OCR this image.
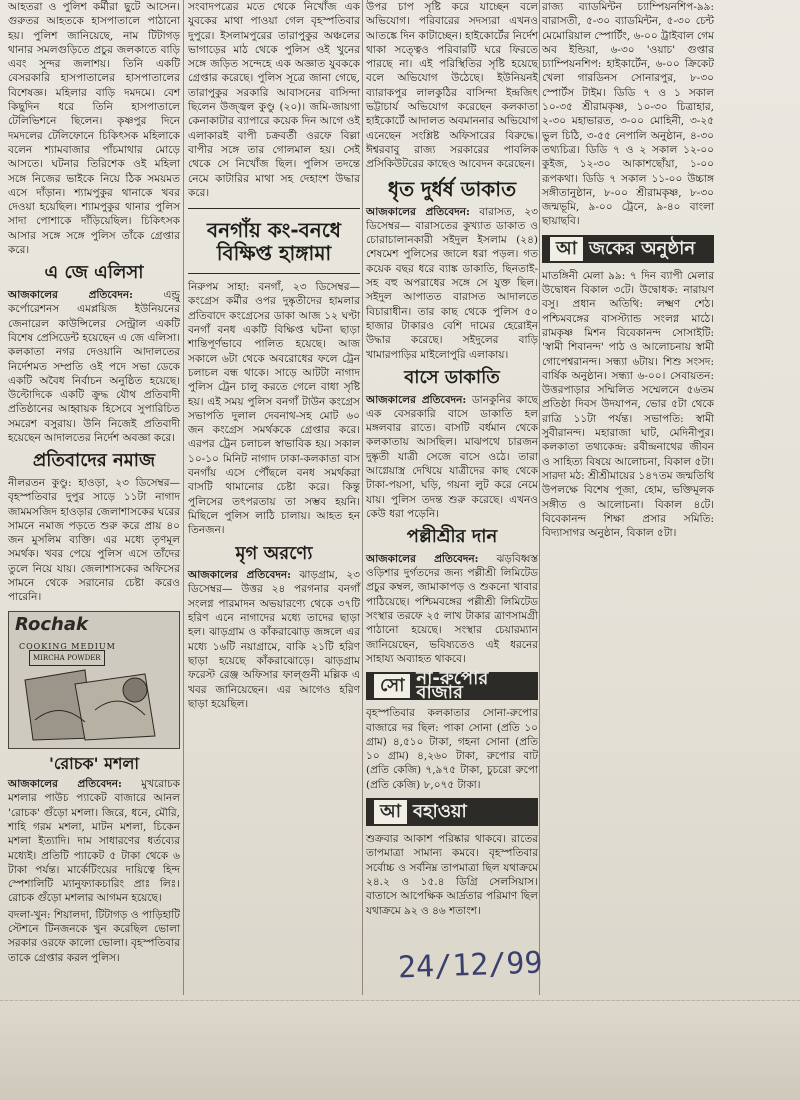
আহতরা ও পুলিশ কর্মীরা ছুটে আসেন। গুরুতর আহতকে হাসপাতালে পাঠানো হয়। পুলিশ জানিয়েছে, নাম টিটাগড় থানার সমলগুড়িতে প্রচুর জলকাতে বাড়ি এবং সুন্দর জলাশয়। তিনি একটি বেসরকারি হাসপাতালের হাসপাতালের বিশেষজ্ঞ। মহিলার বাড়ি দমদমে। বেশ কিছুদিন ধরে তিনি হাসপাতালে টেলিভিশনে ছিলেন। কৃষ্ণপুর দিনে দমদলের টেলিফোনে চিকিৎসক মহিলাকে বলেন শ্যামবাজার পাঁচমাথার মোড়ে আসতে। ঘটনার তিরিশেক ওই মহিলা সঙ্গে নিজের ভাইকে নিয়ে ঠিক সময়মত এসে দাঁড়ান। শ্যামপুকুর থানাকে খবর দেওয়া হয়েছিল। শ্যামপুকুর থানার পুলিস সাদা পোশাকে দাঁড়িয়েছিল। চিকিৎসক আসার সঙ্গে সঙ্গে পুলিস তাঁকে গ্রেপ্তার করে।

এ জে এলিসা

আজকালের প্রতিবেদন:	এন্ড্রু কর্পোরেশনস এমপ্লয়িজ ইউনিয়নের জেনারেল কাউন্সিলের সেন্ট্রাল একটি বিশেষ প্রেসিডেন্ট হয়েছেন এ জে এলিসা। কলকাতা নগর দেওয়ানি আদালতের নির্দেশমত সম্প্রতি ওই পদে সভা ডেকে একটি অবৈধ নির্বাচন অনুষ্ঠিত হয়েছে। উল্টোদিকে একটি ক্রুদ্ধ যৌথ প্রতিবাদী প্রতিষ্ঠানের আহ্বায়ক হিসেবে সুপারিচিত সমরেশ বসুরায়। উনি নিজেই প্রতিবাদী হয়েছেন আদালতের নির্দেশ অবজ্ঞা করে।

প্রতিবাদের নমাজ

নীলরতন কুণ্ডু: হাওড়া, ২৩ ডিসেম্বর— বৃহস্পতিবার দুপুর সাড়ে ১১টা নাগাদ জামমসজিদ হাওড়ার জেলাশাসকের ঘরের সামনে নমাজ পড়তে শুরু করে প্রায় ৪০ জন মুসলিম ব্যক্তি। এর মধ্যে তৃণমূল সমর্থক। খবর পেয়ে পুলিস এসে তাঁদের তুলে নিয়ে যায়। জেলাশাসকের অফিসের সামনে থেকে সরানোর চেষ্টা করেও পারেনি।

Rochak
COOKING MEDIUM
MIRCHA POWDER
'রোচক' মশলা

আজকালের প্রতিবেদন: মুখরোচক মশলার পাউচ প্যাকেট বাজারে আনল 'রোচক' গুঁড়ো মশলা। জিরে, ধনে, মৌরি, শাহি গরম মশলা, মাটন মশলা, চিকেন মশলা ইত্যাদি। দাম সাধারণের ধর্তব্যের মধ্যেই। প্রতিটি প্যাকেট ৫ টাকা থেকে ৬ টাকা পর্যন্ত। মার্কেটিংয়ের দায়িত্বে হিন্দ স্পেশালিটি ম্যানুফ্যাকচারিং প্রাঃ লিঃ। রোচক গুঁড়ো মশলার আগমন হয়েছে।

বদলা-খুন: শিয়ালদা, টিটাগড় ও পাড়িহাটি স্টেশনে টিনজনকে খুন করেছিল ভোলা সরকার ওরফে কালো ভোলা। বৃহস্পতিবার তাকে গ্রেপ্তার করল পুলিস।

সংবাদপত্রের মতে থেকে নিখোঁজ এক যুবকের মাথা পাওয়া গেল বৃহস্পতিবার দুপুরে। ইসলামপুরের তারাপুকুর অঞ্চলের ভাগাড়ের মাঠ থেকে পুলিস ওই খুনের সঙ্গে জড়িত সন্দেহে এক অজ্ঞাত যুবককে গ্রেপ্তার করেছে। পুলিস সূত্রে জানা গেছে, তারাপুকুর সরকারি আবাসনের বাসিন্দা ছিলেন উজ্জ্বল কুণ্ডু (২০)। জমি-জায়গা কেনাকাটার ব্যাপারে কয়েক দিন আগে ওই এলাকারই বাপী চক্রবর্তী ওরফে বিল্লা বাপীর সঙ্গে তার গোলমাল হয়। সেই থেকে সে নিখোঁজ ছিল। পুলিস তদন্তে নেমে কাটারির মাথা সহ দেহাংশ উদ্ধার করে।

বনগাঁয় কং-বনধে বিক্ষিপ্ত হাঙ্গামা

নিরুপম সাহা: বনগাঁ, ২৩ ডিসেম্বর— কংগ্রেস কর্মীর ওপর দুষ্কৃতীদের হামলার প্রতিবাদে কংগ্রেসের ডাকা আজ ১২ ঘণ্টা বনগাঁ বনধ একটি বিক্ষিপ্ত ঘটনা ছাড়া শান্তিপূর্ণভাবে পালিত হয়েছে। আজ সকালে ৬টা থেকে অবরোধের ফলে ট্রেন চলাচল বন্ধ থাকে। সাড়ে আটটা নাগাদ পুলিস ট্রেন চালু করতে গেলে বাধা সৃষ্টি হয়। এই সময় পুলিস বনগাঁ টাউন কংগ্রেস সভাপতি দুলাল দেবনাথ-সহ মোট ৬০ জন কংগ্রেস সমর্থককে গ্রেপ্তার করে। এরপর ট্রেন চলাচল স্বাভাবিক হয়। সকাল ১০-১০ মিনিট নাগাদ ঢাকা-কলকাতা বাস বনগাঁয় এসে পৌঁছলে বনধ সমর্থকরা বাসটি থামানোর চেষ্টা করে। কিন্তু পুলিসের তৎপরতায় তা সম্ভব হয়নি। মিছিলে পুলিস লাঠি চালায়। আহত হন তিনজন।

মৃগ অরণ্যে

আজকালের প্রতিবেদন: ঝাড়গ্রাম, ২৩ ডিসেম্বর— উত্তর ২৪ পরগনার বনগাঁ সংলগ্ন পারমাদন অভয়ারণ্যে থেকে ৩৭টি হরিণ এনে নাগাদের মধ্যে তাদের ছাড়া হল। ঝাড়গ্রাম ও কাঁকরাঝোড় জঙ্গলে এর মধ্যে ১৬টি নয়াগ্রামে, বাকি ২১টি হরিণ ছাড়া হয়েছে কাঁকরাঝোড়ে। ঝাড়গ্রাম ফরেস্ট রেঞ্জ অফিসার ফাল্গুনী মল্লিক এ খবর জানিয়েছেন। এর আগেও হরিণ ছাড়া হয়েছিল।

উপর চাপ সৃষ্টি করে যাচ্ছেন বলে অভিযোগ। পরিবারের সদস্যরা এখনও আতঙ্কে দিন কাটাচ্ছেন। হাইকোর্টের নির্দেশ থাকা সত্ত্বেও পরিবারটি ঘরে ফিরতে পারছে না। এই পরিস্থিতির সৃষ্টি হয়েছে বলে অভিযোগ উঠেছে। ইউনিয়নই ব্যারাকপুর লালকুঠির বাসিন্দা ইন্দ্রজিৎ ভট্টাচার্য অভিযোগ করেছেন কলকাতা হাইকোর্টে আদালত অবমাননার অভিযোগ এনেছেন সংশ্লিষ্ট অফিসারের বিরুদ্ধে। ঈশ্বরবাবু রাজ্য সরকারের পাবলিক প্রসিকিউটরের কাছেও আবেদন করেছেন।

ধৃত দুর্ধর্ষ ডাকাত

আজকালের প্রতিবেদন: বারাসত, ২৩ ডিসেম্বর— বারাসতের কুখ্যাত ডাকাত ও চোরাচালানকারী সইদুল ইসলাম (২৪) শেষমেশ পুলিসের জালে ধরা পড়ল। গত কয়েক বছর ধরে ব্যাঙ্ক ডাকাতি, ছিনতাই-সহ বহু অপরাধের সঙ্গে সে যুক্ত ছিল। সইদুল আপাতত বারাসত আদালতে বিচারাধীন। তার কাছ থেকে পুলিস ৫০ হাজার টাকারও বেশি দামের হেরোইন উদ্ধার করেছে। সইদুলের বাড়ি খামারপাড়ির মাইলোপুরি এলাকায়।

বাসে ডাকাতি

আজকালের প্রতিবেদন: ডানকুনির কাছে এক বেসরকারি বাসে ডাকাতি হল মঙ্গলবার রাতে। বাসটি বর্ধমান থেকে কলকাতায় আসছিল। মাঝপথে চারজন দুষ্কৃতী যাত্রী সেজে বাসে ওঠে। তারা আগ্নেয়াস্ত্র দেখিয়ে যাত্রীদের কাছ থেকে টাকা-পয়সা, ঘড়ি, গয়না লুট করে নেমে যায়। পুলিস তদন্ত শুরু করেছে। এখনও কেউ ধরা পড়েনি।

পল্লীশ্রীর দান

আজকালের প্রতিবেদন: ঝড়বিধ্বস্ত ওড়িশার দুর্গতদের জন্য পল্লীশ্রী লিমিটেড প্রচুর কম্বল, জামাকাপড় ও শুকনো খাবার পাঠিয়েছে। পশ্চিমবঙ্গের পল্লীশ্রী লিমিটেড সংস্থার তরফে ২৫ লাখ টাকার ত্রাণসামগ্রী পাঠানো হয়েছে। সংস্থার চেয়ারম্যান জানিয়েছেন, ভবিষ্যতেও এই ধরনের সাহায্য অব্যাহত থাকবে।

সো না-রুপোর বাজার

বৃহস্পতিবার কলকাতার সোনা-রুপোর বাজারে দর ছিল: পাকা সোনা (প্রতি ১০ গ্রাম) ৪,৫১০ টাকা, গহনা সোনা (প্রতি ১০ গ্রাম) ৪,২৬০ টাকা, রুপোর বাট (প্রতি কেজি) ৭,৯৭৫ টাকা, চুচরো রুপো (প্রতি কেজি) ৮,০৭৫ টাকা।

আ বহাওয়া

শুক্রবার আকাশ পরিষ্কার থাকবে। রাতের তাপমাত্রা সামান্য কমবে। বৃহস্পতিবার সর্বোচ্চ ও সর্বনিম্ন তাপমাত্রা ছিল যথাক্রমে ২৪.২ ও ১৫.৪ ডিগ্রি সেলসিয়াস। বাতাসে আপেক্ষিক আর্দ্রতার পরিমাণ ছিল যথাক্রমে ৯২ ও ৪৬ শতাংশ।

রাজ্য ব্যাডমিন্টন চ্যাম্পিয়নশিপ-৯৯: বারাসতী, ৫-৩০ ব্যাডমিন্টন, ৫-৩০ চেন্ট মেমোরিয়াল স্পোর্টিং, ৬-০০ ট্রাইবাল গেম অব ইন্ডিয়া, ৬-৩০ 'ওয়াচ' গুপ্তার চ্যাম্পিয়নশিপ: হাইকার্টেন, ৬-০০ ক্রিকেট খেলা গারডিনস সোনারপুর, ৮-৩০ স্পোর্টস টাইম। ডিডি ৭ ও ১ সকাল ১০-৩৫ শ্রীরামকৃষ্ণ, ১০-৩০ চিত্রাহার, ২-৩০ মহাভারত, ৩-০০ মোহিনী, ৩-২৫ ভুল চিঠি, ৩-৫৫ নেপালি অনুষ্ঠান, ৪-৩০ তথ্যচিত্র। ডিডি ৭ ও ২ সকাল ১২-০০ কুইজ, ১২-৩০ আকাশছোঁয়া, ১-০০ রূপকথা। ডিডি ৭ সকাল ১১-০০ উচ্চাঙ্গ সঙ্গীতানুষ্ঠান, ৮-০০ শ্রীরামকৃষ্ণ, ৮-৩০ জন্মভূমি, ৯-০০ ট্রেনে, ৯-৪০ বাংলা ছায়াছবি।

আ জকের অনুষ্ঠান

মাতঙ্গিনী মেলা ৯৯: ৭ দিন ব্যাপী মেলার উদ্বোধন বিকাল ৩টে। উদ্বোধক: নারায়ণ বসু। প্রধান অতিথি: লক্ষ্মণ শেঠ। পশ্চিমবঙ্গের বাসস্ট্যান্ড সংলগ্ন মাঠে। রামকৃষ্ণ মিশন বিবেকানন্দ সোসাইটি: 'স্বামী শিবানন্দ' পাঠ ও আলোচনায় স্বামী গোপেশ্বরানন্দ। সন্ধ্যা ৬টায়। শিশু সংসদ: বার্ষিক অনুষ্ঠান। সন্ধ্যা ৬-০০। সেবায়তন: উত্তরপাড়ার সম্মিলিত সম্মেলনে ৫৬তম প্রতিষ্ঠা দিবস উদযাপন, ভোর ৫টা থেকে রাত্রি ১১টা পর্যন্ত। সভাপতি: স্বামী সুবীরানন্দ। মহারাজা ঘাট, মেদিনীপুর। কলকাতা তথ্যকেন্দ্র: রবীন্দ্রনাথের জীবন ও সাহিত্য বিষয়ে আলোচনা, বিকাল ৫টা। সারদা মঠ: শ্রীশ্রীমায়ের ১৪৭তম জন্মতিথি উপলক্ষে বিশেষ পূজা, হোম, ভক্তিমূলক সঙ্গীত ও আলোচনা। বিকাল ৪টে। বিবেকানন্দ শিক্ষা প্রসার সমিতি: বিদ্যাসাগর অনুষ্ঠান, বিকাল ৫টা।

24/12/99
